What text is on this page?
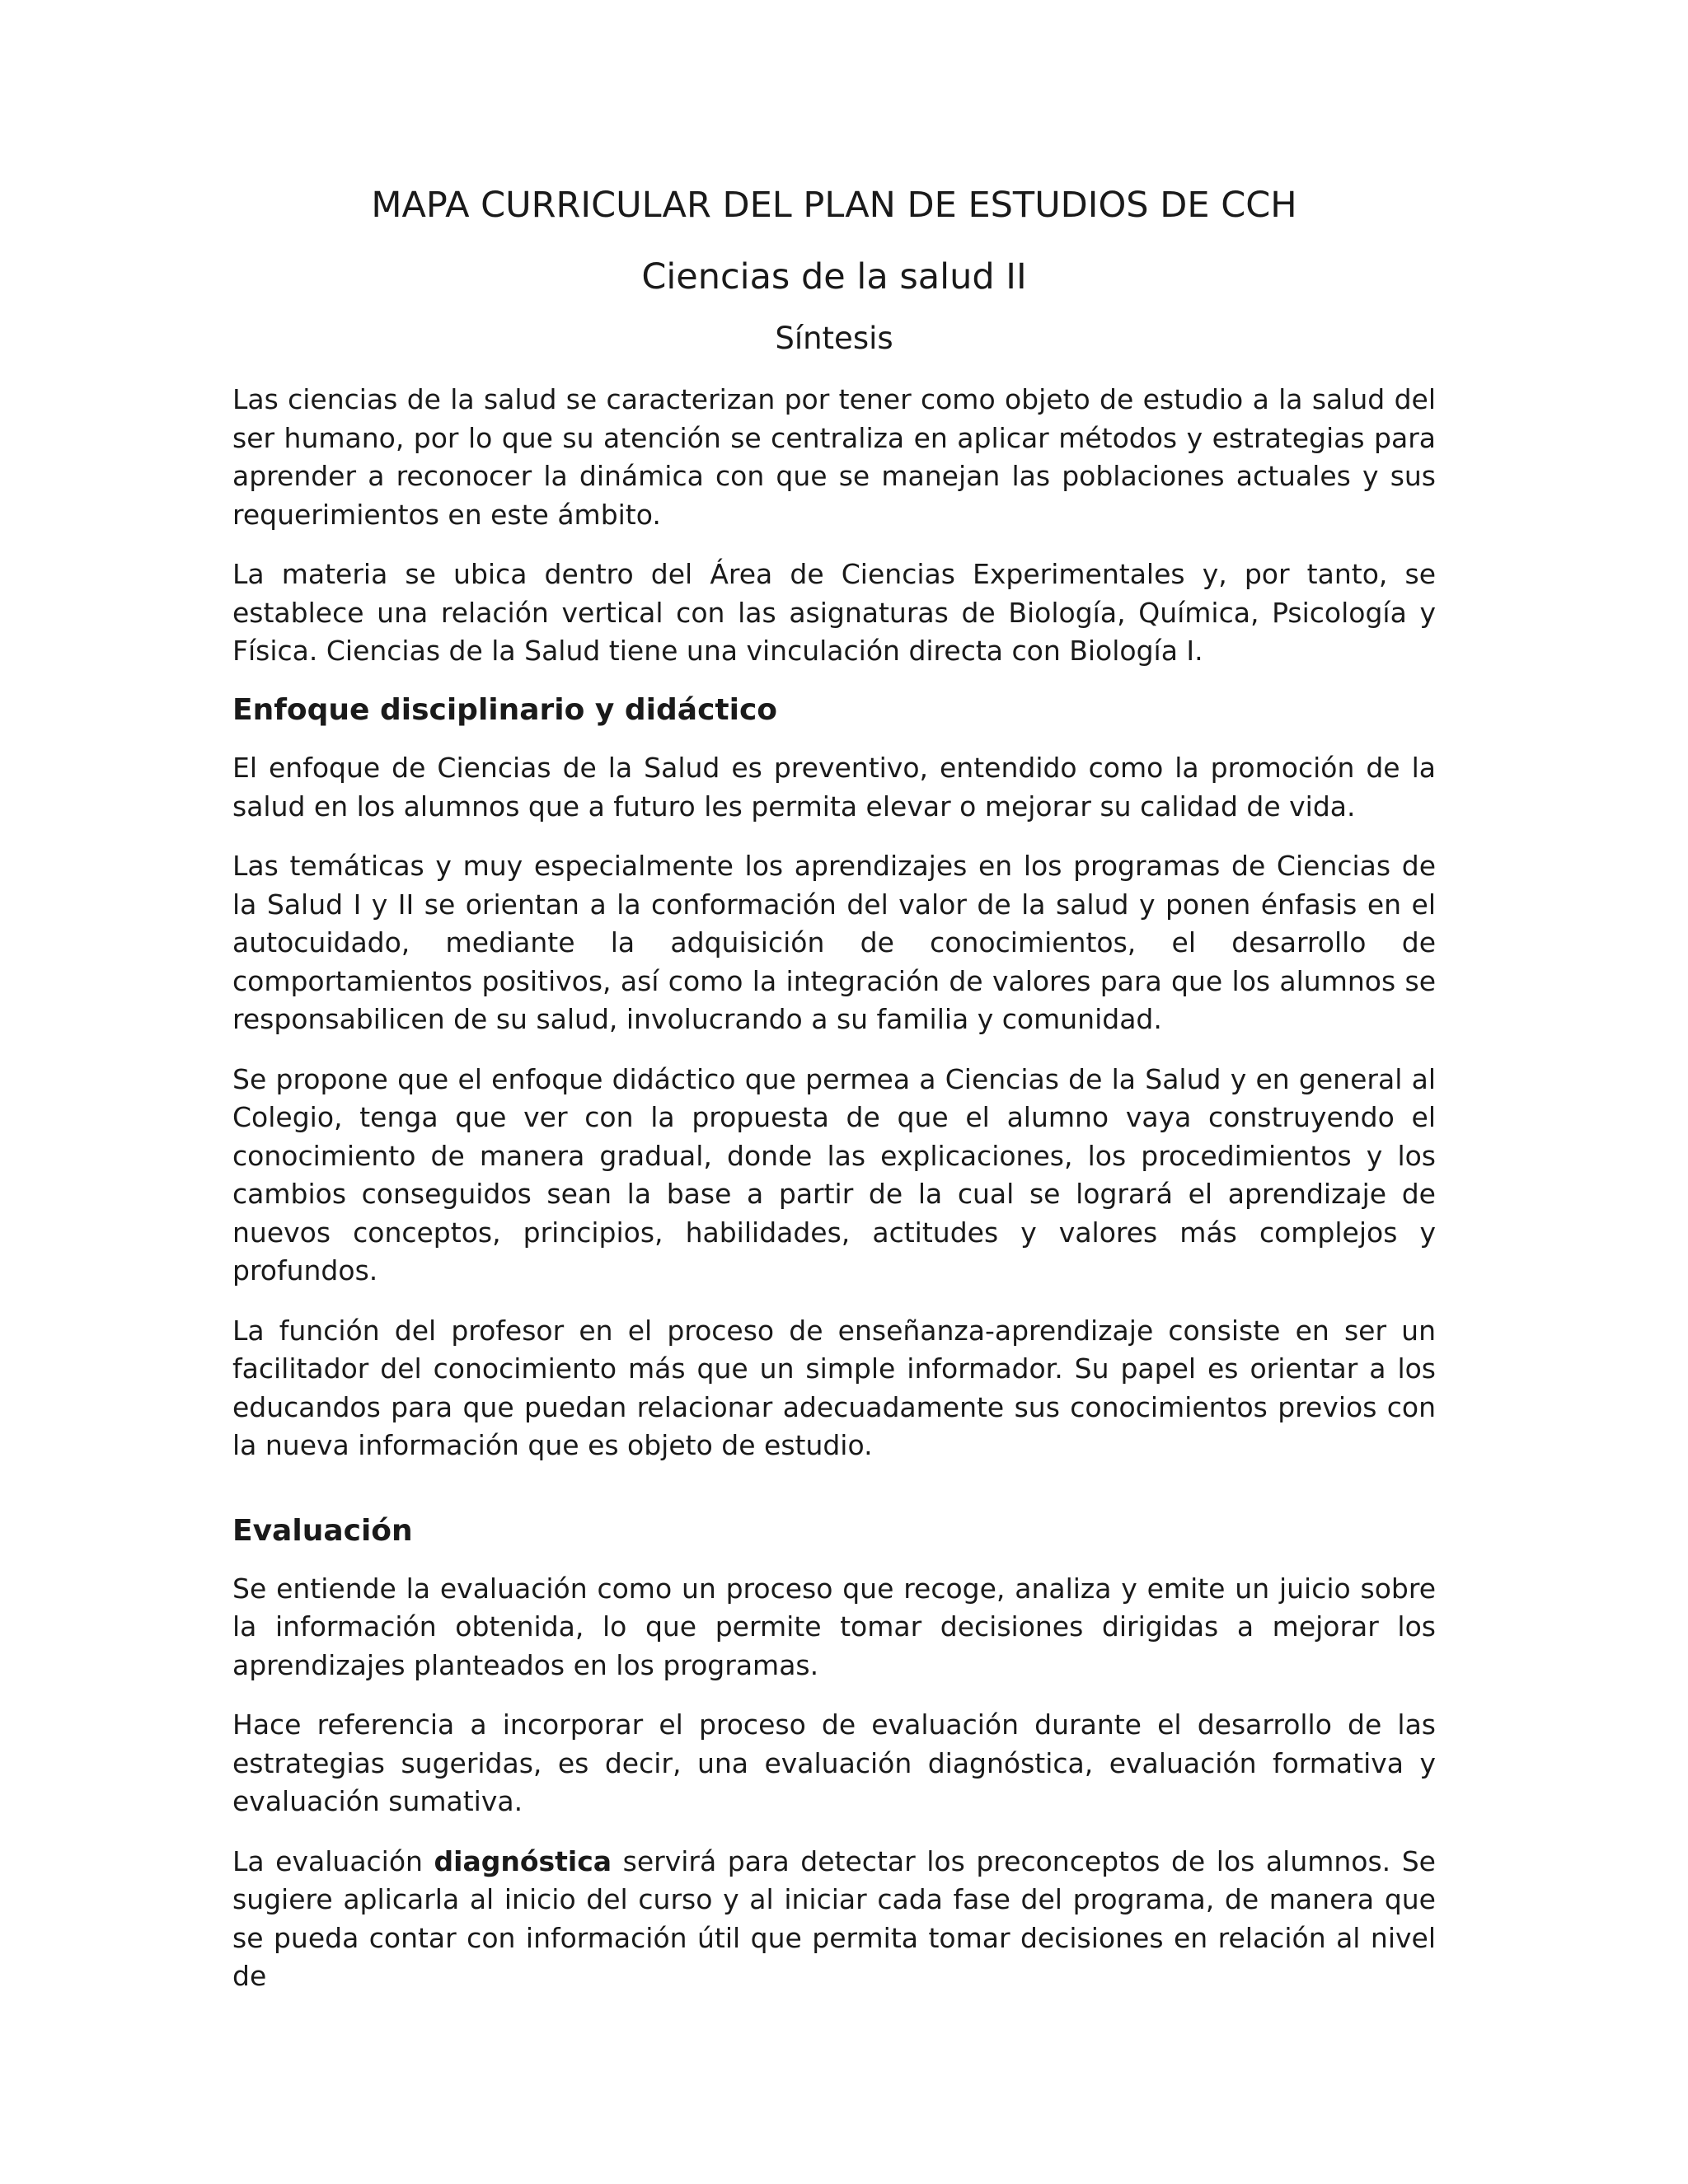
MAPA CURRICULAR DEL PLAN DE ESTUDIOS DE CCH
Ciencias de la salud II
Síntesis

Las ciencias de la salud se caracterizan por tener como objeto de estudio a la salud del ser humano, por lo que su atención se centraliza en aplicar métodos y estrategias para aprender a reconocer la dinámica con que se manejan las poblaciones actuales y sus requerimientos en este ámbito.

La materia se ubica dentro del Área de Ciencias Experimentales y, por tanto, se establece una relación vertical con las asignaturas de Biología, Química, Psicología y Física. Ciencias de la Salud tiene una vinculación directa con Biología I.

Enfoque disciplinario y didáctico

El enfoque de Ciencias de la Salud es preventivo, entendido como la promoción de la salud en los alumnos que a futuro les permita elevar o mejorar su calidad de vida.

Las temáticas y muy especialmente los aprendizajes en los programas de Ciencias de la Salud I y II se orientan a la conformación del valor de la salud y ponen énfasis en el autocuidado, mediante la adquisición de conocimientos, el desarrollo de comportamientos positivos, así como la integración de valores para que los alumnos se responsabilicen de su salud, involucrando a su familia y comunidad.

Se propone que el enfoque didáctico que permea a Ciencias de la Salud y en general al Colegio, tenga que ver con la propuesta de que el alumno vaya construyendo el conocimiento de manera gradual, donde las explicaciones, los procedimientos y los cambios conseguidos sean la base a partir de la cual se logrará el aprendizaje de nuevos conceptos, principios, habilidades, actitudes y valores más complejos y profundos.

La función del profesor en el proceso de enseñanza-aprendizaje consiste en ser un facilitador del conocimiento más que un simple informador. Su papel es orientar a los educandos para que puedan relacionar adecuadamente sus conocimientos previos con la nueva información que es objeto de estudio.

Evaluación

Se entiende la evaluación como un proceso que recoge, analiza y emite un juicio sobre la información obtenida, lo que permite tomar decisiones dirigidas a mejorar los aprendizajes planteados en los programas.

Hace referencia a incorporar el proceso de evaluación durante el desarrollo de las estrategias sugeridas, es decir, una evaluación diagnóstica, evaluación formativa y evaluación sumativa.

La evaluación diagnóstica servirá para detectar los preconceptos de los alumnos. Se sugiere aplicarla al inicio del curso y al iniciar cada fase del programa, de manera que se pueda contar con información útil que permita tomar decisiones en relación al nivel de
